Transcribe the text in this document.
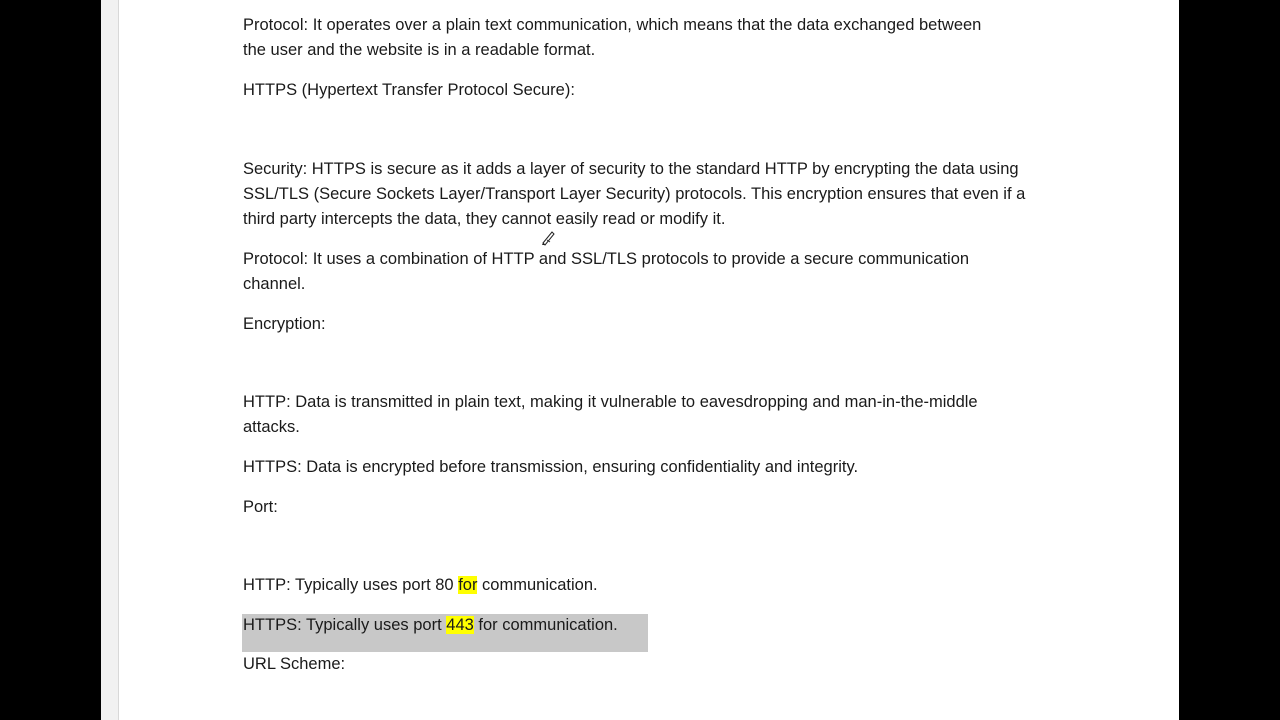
Protocol: It operates over a plain text communication, which means that the data exchanged between

the user and the website is in a readable format.

HTTPS (Hypertext Transfer Protocol Secure):

Security: HTTPS is secure as it adds a layer of security to the standard HTTP by encrypting the data using

SSL/TLS (Secure Sockets Layer/Transport Layer Security) protocols. This encryption ensures that even if a

third party intercepts the data, they cannot easily read or modify it.

Protocol: It uses a combination of HTTP and SSL/TLS protocols to provide a secure communication

channel.

Encryption:

HTTP: Data is transmitted in plain text, making it vulnerable to eavesdropping and man-in-the-middle

attacks.

HTTPS: Data is encrypted before transmission, ensuring confidentiality and integrity.

Port:

HTTP: Typically uses port 80 for communication.

HTTPS: Typically uses port 443 for communication.

URL Scheme:
